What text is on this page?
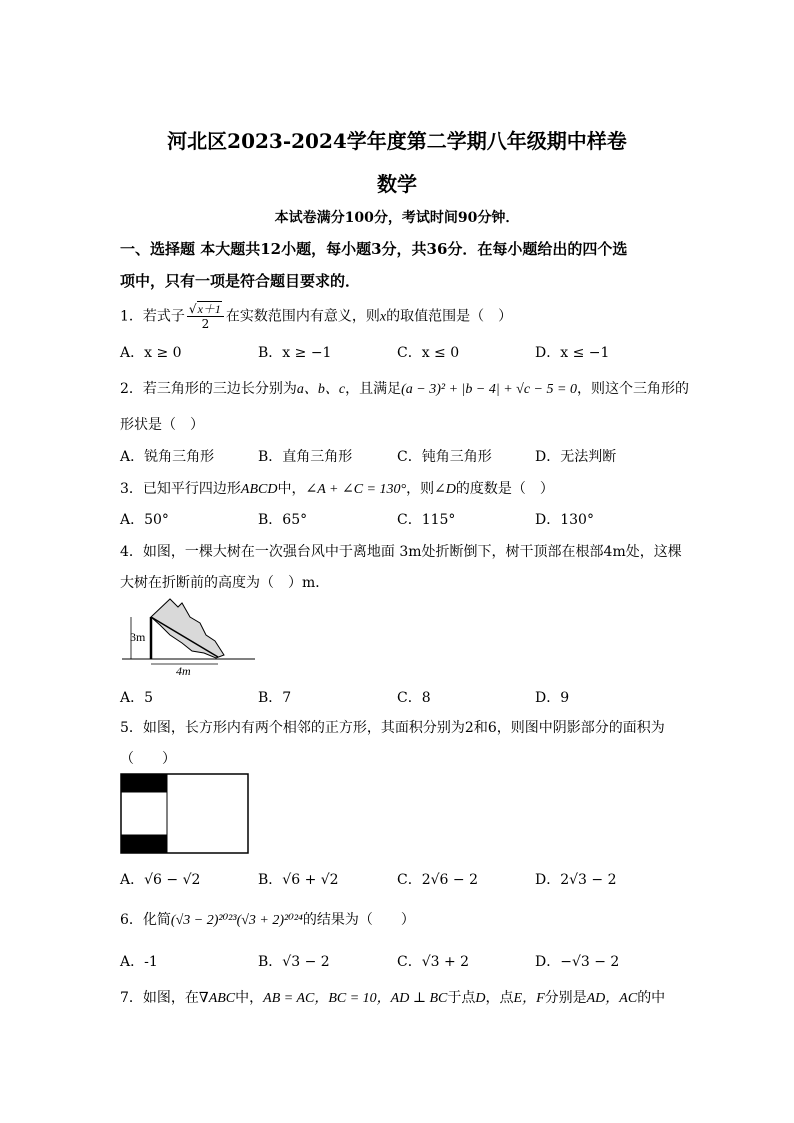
河北区2023-2024学年度第二学期八年级期中样卷
数学
本试卷满分100分，考试时间90分钟．
一、选择题 本大题共12小题，每小题3分，共36分．在每小题给出的四个选
项中，只有一项是符合题目要求的．
1．若式子 $\frac{√x+1}{2}$ 在实数范围内有意义，则x的取值范围是（　）
A．x ≥ 0	B．x ≥ −1	C．x ≤ 0	D．x ≤ −1
2．若三角形的三边长分别为a、b、c，且满足(a − 3)² + |b − 4| + √c − 5 = 0，则这个三角形的
形状是（　）
A．锐角三角形	B．直角三角形	C．钝角三角形	D．无法判断
3．已知平行四边形ABCD中，∠A + ∠C = 130°，则∠D的度数是（　）
A．50°	B．65°	C．115°	D．130°
4．如图，一棵大树在一次强台风中于离地面 3m处折断倒下，树干顶部在根部4m处，这棵
大树在折断前的高度为（　）m．
3m
4m
A．5	B．7	C．8	D．9
5．如图，长方形内有两个相邻的正方形，其面积分别为2和6，则图中阴影部分的面积为
（　　）
A．√6 − √2	B．√6 + √2	C．2√6 − 2	D．2√3 − 2
6．化简(√3 − 2)²⁰²³(√3 + 2)²⁰²⁴的结果为（　　）
A．-1	B．√3 − 2	C．√3 + 2	D．−√3 − 2
7．如图，在∇ABC中，AB = AC，BC = 10，AD ⊥ BC于点D，点E，F分别是AD，AC的中
